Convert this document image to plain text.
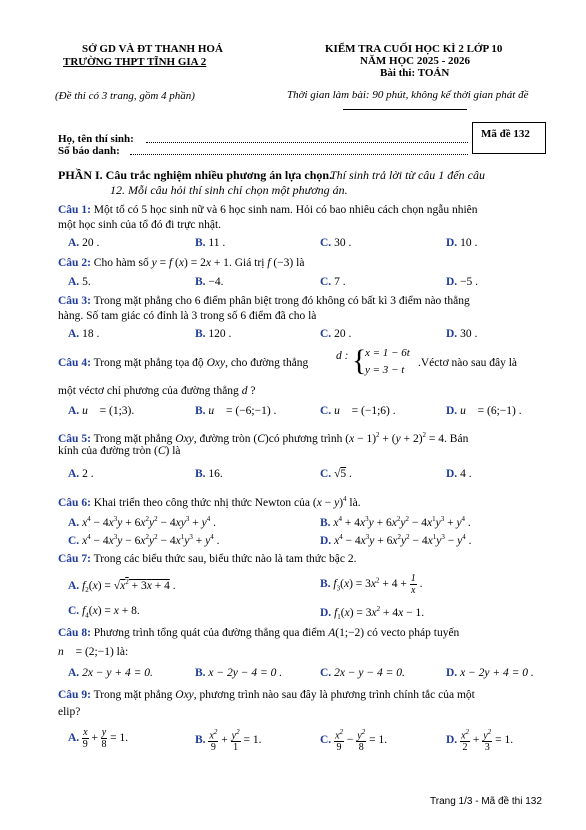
SỞ GD VÀ ĐT THANH HOÁ
TRƯỜNG THPT TĨNH GIA 2
(Đề thi có 3 trang, gồm 4 phần)
KIỂM TRA CUỐI HỌC KÌ 2 LỚP 10
NĂM HỌC 2025 - 2026
Bài thi: TOÁN
Thời gian làm bài: 90 phút, không kể thời gian phát đề
Họ, tên thí sinh:
Số báo danh:
Mã đề 132
PHẦN I. Câu trắc nghiệm nhiều phương án lựa chọn.
Thí sinh trả lời từ câu 1 đến câu
12. Mỗi câu hỏi thí sinh chỉ chọn một phương án.
Câu 1: Một tổ có 5 học sinh nữ và 6 học sinh nam. Hỏi có bao nhiêu cách chọn ngẫu nhiên
một học sinh của tổ đó đi trực nhật.
A. 20 .	B. 11 .	C. 30 .	D. 10 .
Câu 2: Cho hàm số y = f (x) = 2x + 1. Giá trị f (−3) là
A. 5.	B. −4.	C. 7 .	D. −5 .
Câu 3: Trong mặt phẳng cho 6 điểm phân biệt trong đó không có bất kì 3 điểm nào thẳng
hàng. Số tam giác có đỉnh là 3 trong số 6 điểm đã cho là
A. 18 .	B. 120 .	C. 20 .	D. 30 .
Câu 4: Trong mặt phẳng tọa độ Oxy, cho đường thẳng
d : {
x = 1 − 6t
y = 3 − t
.Véctơ nào sau đây là
một véctơ chỉ phương của đường thẳng d ?
A. u⃗ = (1;3).	B. u⃗ = (−6;−1) .	C. u⃗ = (−1;6) .	D. u⃗ = (6;−1) .
Câu 5: Trong mặt phẳng Oxy, đường tròn (C)có phương trình $(x - 1)^2 + (y + 2)^2 = 4$. Bán
kính của đường tròn (C) là
A. 2 .	B. 16.	C. √5 .	D. 4 .
Câu 6: Khai triển theo công thức nhị thức Newton của $(x - y)^4$ là.
A. $x^4 - 4x^3y + 6x^2y^2 - 4xy^3 + y^4$ .	B. $x^4 + 4x^3y + 6x^2y^2 - 4x^1y^3 + y^4$ .
C. $x^4 - 4x^3y - 6x^2y^2 - 4x^1y^3 + y^4$ .	D. $x^4 - 4x^3y + 6x^2y^2 - 4x^1y^3 - y^4$ .
Câu 7: Trong các biểu thức sau, biểu thức nào là tam thức bậc 2.
A. $f_2(x) = √x^2 + 3x + 4$ .	B. $f_3(x) = 3x^2 + 4 + \frac{1}{x}$ .
C. $f_4(x) = x + 8$.	D. $f_1(x) = 3x^2 + 4x - 1$.
Câu 8: Phương trình tổng quát của đường thẳng qua điểm A(1;−2) có vecto pháp tuyến
n⃗ = (2;−1) là:
A. 2x − y + 4 = 0.	B. x − 2y − 4 = 0 .	C. 2x − y − 4 = 0.	D. x − 2y + 4 = 0 .
Câu 9: Trong mặt phẳng Oxy, phương trình nào sau đây là phương trình chính tắc của một
elip?
A. $\frac{x}{9} + \frac{y}{8} = 1$.	B. $\frac{x^2}{9} + \frac{y^2}{1} = 1$.	C. $\frac{x^2}{9} - \frac{y^2}{8} = 1$.	D. $\frac{x^2}{2} + \frac{y^2}{3} = 1$.
Trang 1/3 - Mã đề thi 132
